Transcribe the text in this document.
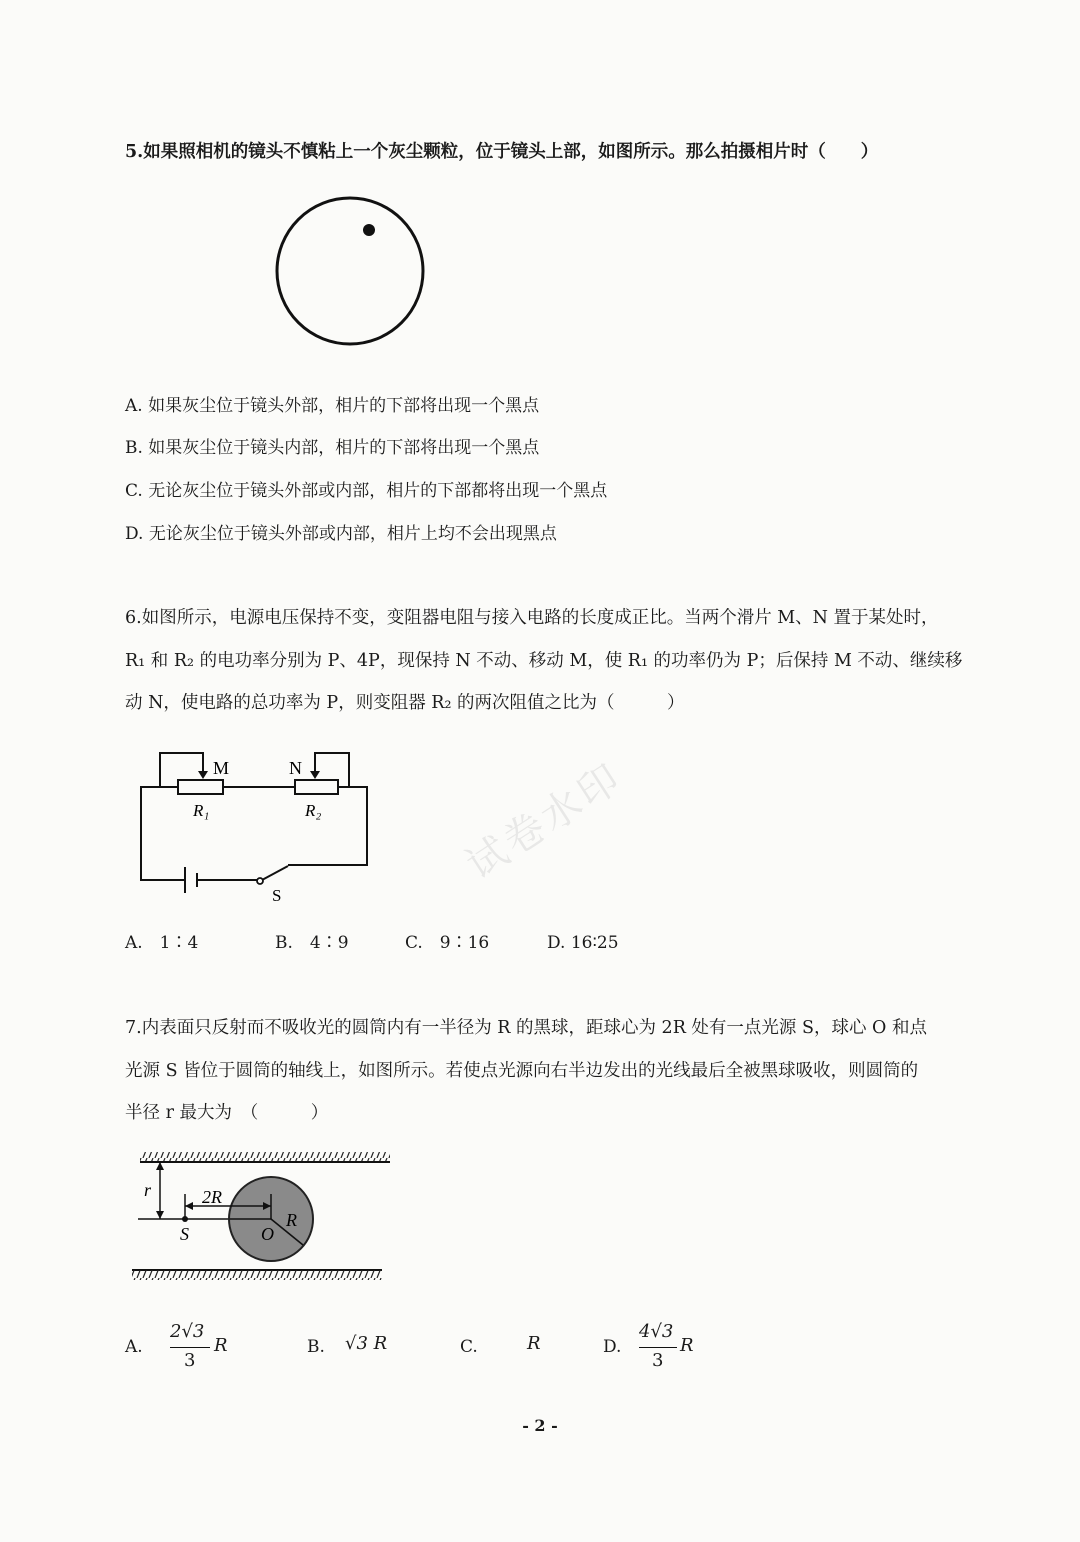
5.如果照相机的镜头不慎粘上一个灰尘颗粒，位于镜头上部，如图所示。那么拍摄相片时（　　）
A. 如果灰尘位于镜头外部，相片的下部将出现一个黑点
B. 如果灰尘位于镜头内部，相片的下部将出现一个黑点
C. 无论灰尘位于镜头外部或内部，相片的下部都将出现一个黑点
D. 无论灰尘位于镜头外部或内部，相片上均不会出现黑点
6.如图所示，电源电压保持不变，变阻器电阻与接入电路的长度成正比。当两个滑片 M、N 置于某处时，
R₁ 和 R₂ 的电功率分别为 P、4P，现保持 N 不动、移动 M，使 R₁ 的功率仍为 P；后保持 M 不动、继续移
动 N，使电路的总功率为 P，则变阻器 R₂ 的两次阻值之比为（　　　）
M	N
R₁	R₂
S
A.　1∶4	B.　4∶9	C.　9∶16	D. 16∶25
试卷水印
7.内表面只反射而不吸收光的圆筒内有一半径为 R 的黑球，距球心为 2R 处有一点光源 S，球心 O 和点
光源 S 皆位于圆筒的轴线上，如图所示。若使点光源向右半边发出的光线最后全被黑球吸收，则圆筒的
半径 r 最大为　（　　　）
r	2R
R
S	O
A.
2√3
3
R	B. √3 R	C.	R	D.
4√3
3
R
- 2 -
